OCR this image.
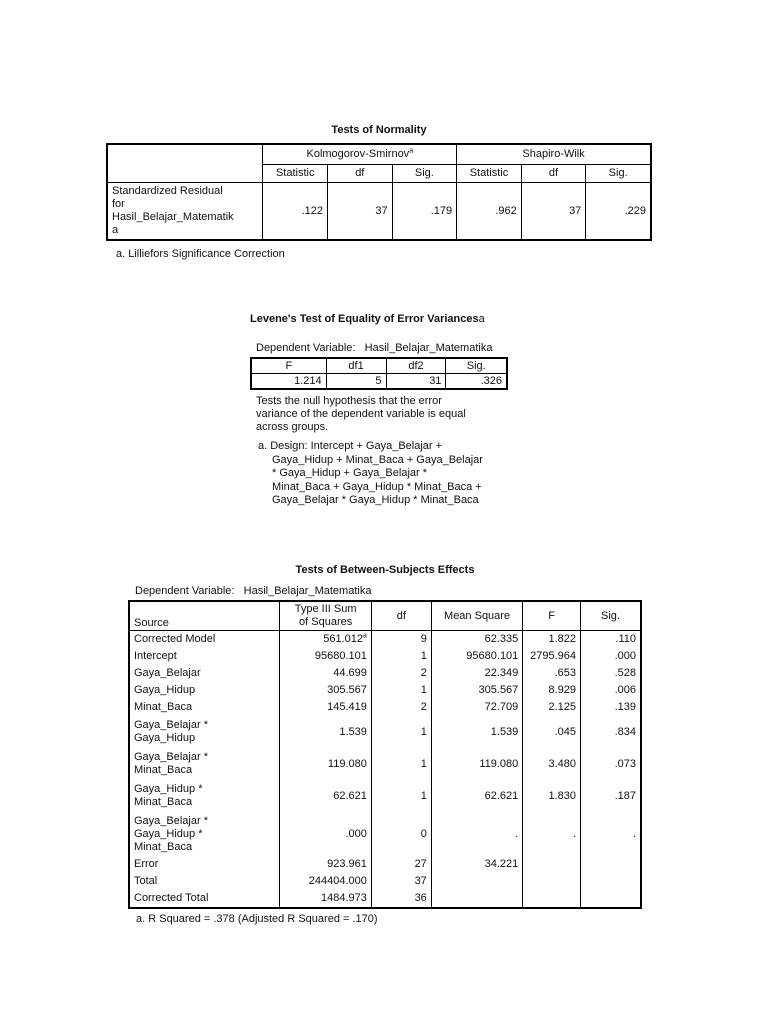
Tests of Normality
	Kolmogorov-Smirnov$^a$			Shapiro-Wilk		
	Statistic	df	Sig.	Statistic	df	Sig.

Standardized Residual
for
Hasil_Belajar_Matematik
a	.122	37	.179	.962	37	.229
a. Lilliefors Significance Correction
Levene's Test of Equality of Error Variancesa
Dependent Variable: Hasil_Belajar_Matematika
F	df1	df2	Sig.
1.214	5	31	.326
Tests the null hypothesis that the error
variance of the dependent variable is equal
across groups.
a. Design: Intercept + Gaya_Belajar +
Gaya_Hidup + Minat_Baca + Gaya_Belajar
* Gaya_Hidup + Gaya_Belajar *
Minat_Baca + Gaya_Hidup * Minat_Baca +
Gaya_Belajar * Gaya_Hidup * Minat_Baca
Tests of Between-Subjects Effects
Dependent Variable: Hasil_Belajar_Matematika
Source	Type III Sum
of Squares	df	Mean Square	F	Sig.

Corrected Model	561.012$^a$	9	62.335	1.822	.110

Intercept	95680.101	1	95680.101	2795.964	.000

Gaya_Belajar	44.699	2	22.349	.653	.528

Gaya_Hidup	305.567	1	305.567	8.929	.006

Minat_Baca	145.419	2	72.709	2.125	.139

Gaya_Belajar *
Gaya_Hidup	1.539	1	1.539	.045	.834

Gaya_Belajar *
Minat_Baca	119.080	1	119.080	3.480	.073

Gaya_Hidup *
Minat_Baca	62.621	1	62.621	1.830	.187

Gaya_Belajar *
Gaya_Hidup *
Minat_Baca	.000	0	.	.	.

Error	923.961	27	34.221		

Total	244404.000	37			

Corrected Total	1484.973	36			
a. R Squared = .378 (Adjusted R Squared = .170)
